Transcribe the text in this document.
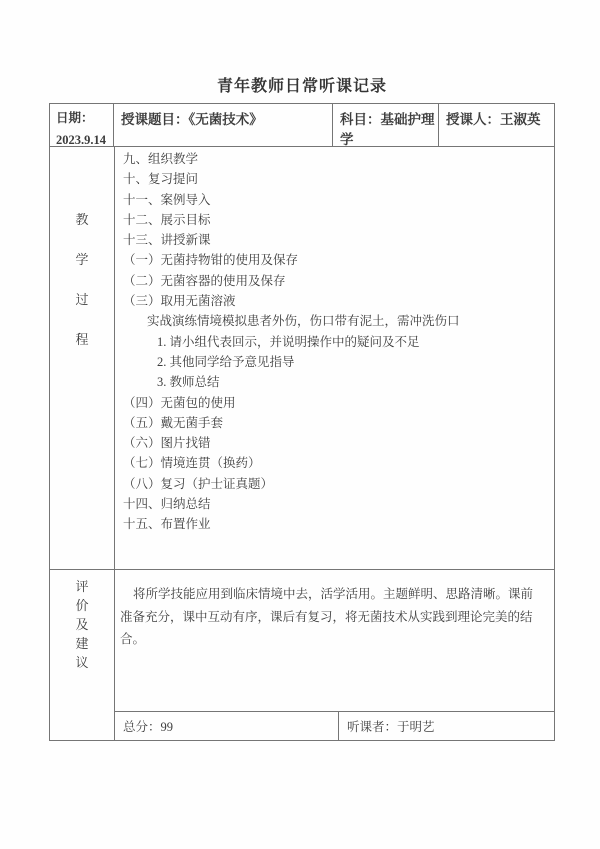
青年教师日常听课记录
日期：
2023.9.14
授课题目：《无菌技术》	科目：基础护理学
授课人：王淑英
教
学
过
程
九、组织教学
十、复习提问
十一、案例导入
十二、展示目标
十三、讲授新课
（一）无菌持物钳的使用及保存
（二）无菌容器的使用及保存
（三）取用无菌溶液
实战演练情境模拟患者外伤，伤口带有泥土，需冲洗伤口
1. 请小组代表回示，并说明操作中的疑问及不足
2. 其他同学给予意见指导
3. 教师总结
（四）无菌包的使用
（五）戴无菌手套
（六）图片找错
（七）情境连贯（换药）
（八）复习（护士证真题）
十四、归纳总结
十五、布置作业
评
价
及
建
议
将所学技能应用到临床情境中去，活学活用。主题鲜明、思路清晰。课前准备充分，课中互动有序，课后有复习，将无菌技术从实践到理论完美的结合。
总分：99	听课者：于明艺
